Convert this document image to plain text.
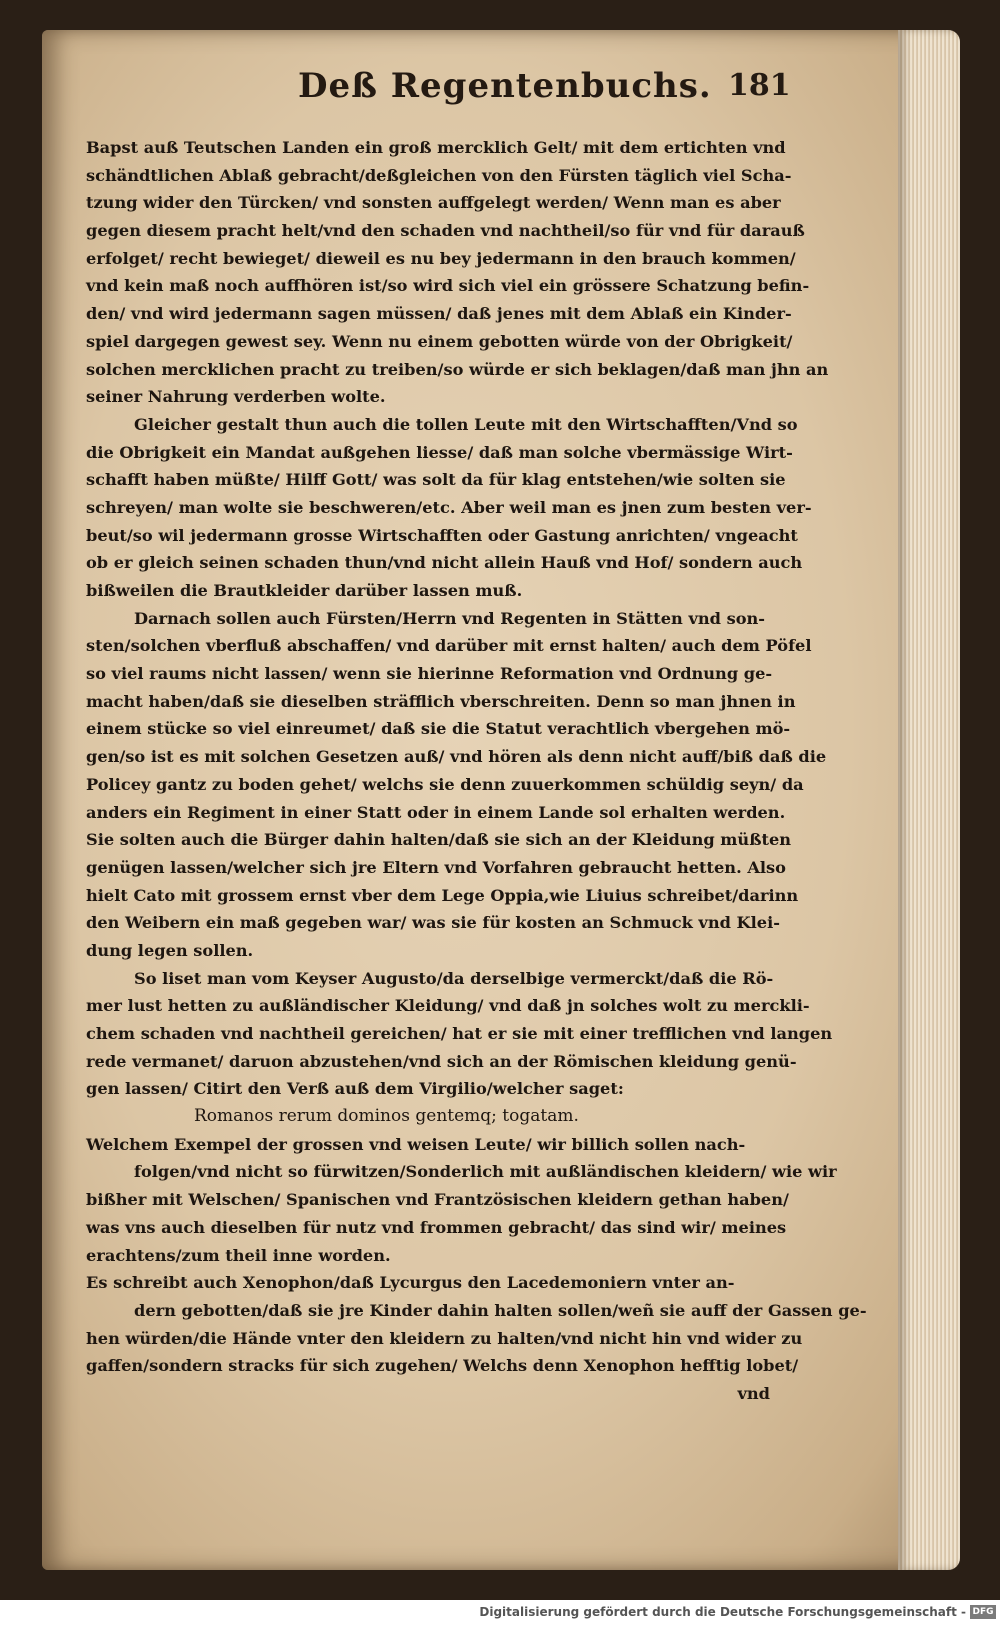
Deß Regentenbuchs. 181
Bapst auß Teutschen Landen ein groß mercklich Gelt/ mit dem ertichten vnd
schändtlichen Ablaß gebracht/deßgleichen von den Fürsten täglich viel Scha-
tzung wider den Türcken/ vnd sonsten auffgelegt werden/ Wenn man es aber
gegen diesem pracht helt/vnd den schaden vnd nachtheil/so für vnd für darauß
erfolget/ recht bewieget/ dieweil es nu bey jedermann in den brauch kommen/
vnd kein maß noch auffhören ist/so wird sich viel ein grössere Schatzung befin-
den/ vnd wird jedermann sagen müssen/ daß jenes mit dem Ablaß ein Kinder-
spiel dargegen gewest sey. Wenn nu einem gebotten würde von der Obrigkeit/
solchen mercklichen pracht zu treiben/so würde er sich beklagen/daß man jhn an
seiner Nahrung verderben wolte.
Gleicher gestalt thun auch die tollen Leute mit den Wirtschafften/Vnd so
die Obrigkeit ein Mandat außgehen liesse/ daß man solche vbermässige Wirt-
schafft haben müßte/ Hilff Gott/ was solt da für klag entstehen/wie solten sie
schreyen/ man wolte sie beschweren/etc. Aber weil man es jnen zum besten ver-
beut/so wil jedermann grosse Wirtschafften oder Gastung anrichten/ vngeacht
ob er gleich seinen schaden thun/vnd nicht allein Hauß vnd Hof/ sondern auch
bißweilen die Brautkleider darüber lassen muß.
Darnach sollen auch Fürsten/Herrn vnd Regenten in Stätten vnd son-
sten/solchen vberfluß abschaffen/ vnd darüber mit ernst halten/ auch dem Pöfel
so viel raums nicht lassen/ wenn sie hierinne Reformation vnd Ordnung ge-
macht haben/daß sie dieselben sträfflich vberschreiten. Denn so man jhnen in
einem stücke so viel einreumet/ daß sie die Statut verachtlich vbergehen mö-
gen/so ist es mit solchen Gesetzen auß/ vnd hören als denn nicht auff/biß daß die
Policey gantz zu boden gehet/ welchs sie denn zuuerkommen schüldig seyn/ da
anders ein Regiment in einer Statt oder in einem Lande sol erhalten werden.
Sie solten auch die Bürger dahin halten/daß sie sich an der Kleidung müßten
genügen lassen/welcher sich jre Eltern vnd Vorfahren gebraucht hetten. Also
hielt Cato mit grossem ernst vber dem Lege Oppia,wie Liuius schreibet/darinn
den Weibern ein maß gegeben war/ was sie für kosten an Schmuck vnd Klei-
dung legen sollen.
So liset man vom Keyser Augusto/da derselbige vermerckt/daß die Rö-
mer lust hetten zu außländischer Kleidung/ vnd daß jn solches wolt zu merckli-
chem schaden vnd nachtheil gereichen/ hat er sie mit einer trefflichen vnd langen
rede vermanet/ daruon abzustehen/vnd sich an der Römischen kleidung genü-
gen lassen/ Citirt den Verß auß dem Virgilio/welcher saget:
Romanos rerum dominos gentemq; togatam.
Welchem Exempel der grossen vnd weisen Leute/ wir billich sollen nach-
folgen/vnd nicht so fürwitzen/Sonderlich mit außländischen kleidern/ wie wir
bißher mit Welschen/ Spanischen vnd Frantzösischen kleidern gethan haben/
was vns auch dieselben für nutz vnd frommen gebracht/ das sind wir/ meines
erachtens/zum theil inne worden.
Es schreibt auch Xenophon/daß Lycurgus den Lacedemoniern vnter an-
dern gebotten/daß sie jre Kinder dahin halten sollen/weñ sie auff der Gassen ge-
hen würden/die Hände vnter den kleidern zu halten/vnd nicht hin vnd wider zu
gaffen/sondern stracks für sich zugehen/ Welchs denn Xenophon hefftig lobet/
vnd
Digitalisierung gefördert durch die Deutsche Forschungsgemeinschaft - DFG
